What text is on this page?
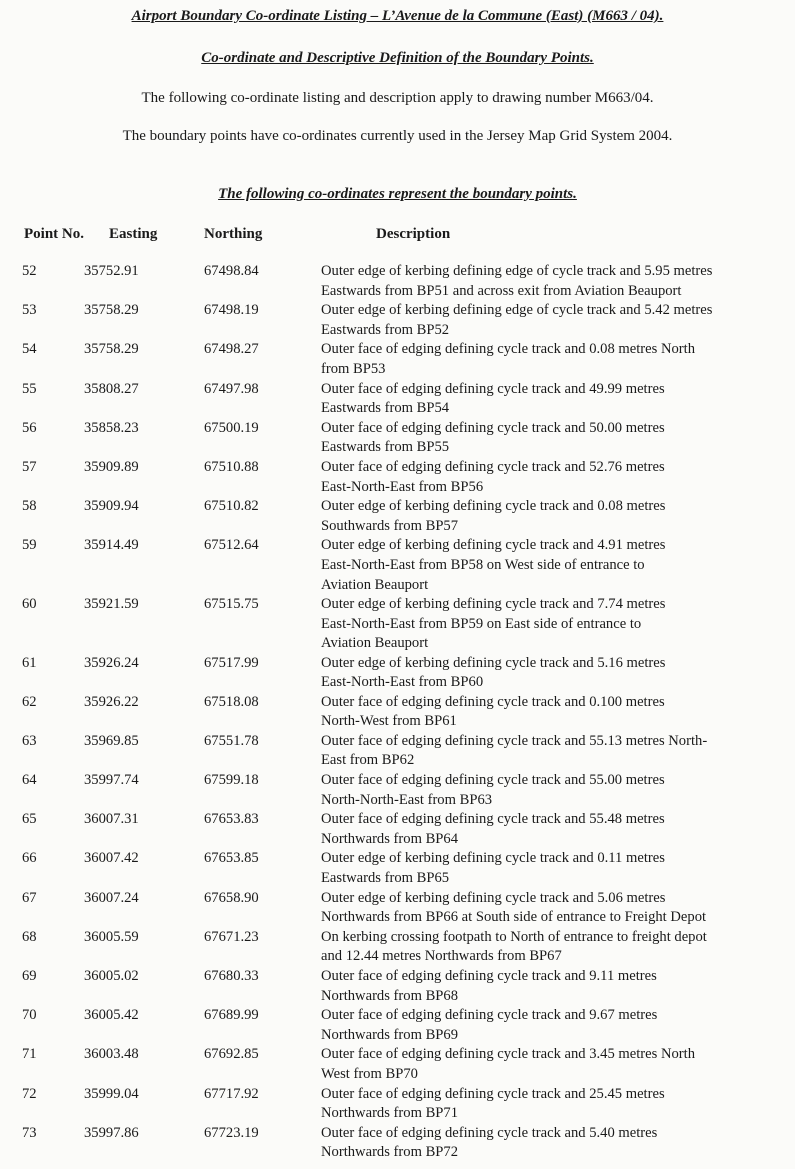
Airport Boundary Co-ordinate Listing – L’Avenue de la Commune (East) (M663 / 04).
Co-ordinate and Descriptive Definition of the Boundary Points.
The following co-ordinate listing and description apply to drawing number M663/04.
The boundary points have co-ordinates currently used in the Jersey Map Grid System 2004.
The following co-ordinates represent the boundary points.
Point No. Easting	Northing	Description
52	35752.91	67498.84	Outer edge of kerbing defining edge of cycle track and 5.95 metres
Eastwards from BP51 and across exit from Aviation Beauport
53	35758.29	67498.19	Outer edge of kerbing defining edge of cycle track and 5.42 metres
Eastwards from BP52
54	35758.29	67498.27	Outer face of edging defining cycle track and 0.08 metres North
from BP53
55	35808.27	67497.98	Outer face of edging defining cycle track and 49.99 metres
Eastwards from BP54
56	35858.23	67500.19	Outer face of edging defining cycle track and 50.00 metres
Eastwards from BP55
57	35909.89	67510.88	Outer face of edging defining cycle track and 52.76 metres
East-North-East from BP56
58	35909.94	67510.82	Outer edge of kerbing defining cycle track and 0.08 metres
Southwards from BP57
59	35914.49	67512.64	Outer edge of kerbing defining cycle track and 4.91 metres
East-North-East from BP58 on West side of entrance to
Aviation Beauport
60	35921.59	67515.75	Outer edge of kerbing defining cycle track and 7.74 metres
East-North-East from BP59 on East side of entrance to
Aviation Beauport
61	35926.24	67517.99	Outer edge of kerbing defining cycle track and 5.16 metres
East-North-East from BP60
62	35926.22	67518.08	Outer face of edging defining cycle track and 0.100 metres
North-West from BP61
63	35969.85	67551.78	Outer face of edging defining cycle track and 55.13 metres North-
East from BP62
64	35997.74	67599.18	Outer face of edging defining cycle track and 55.00 metres
North-North-East from BP63
65	36007.31	67653.83	Outer face of edging defining cycle track and 55.48 metres
Northwards from BP64
66	36007.42	67653.85	Outer edge of kerbing defining cycle track and 0.11 metres
Eastwards from BP65
67	36007.24	67658.90	Outer edge of kerbing defining cycle track and 5.06 metres
Northwards from BP66 at South side of entrance to Freight Depot
68	36005.59	67671.23	On kerbing crossing footpath to North of entrance to freight depot
and 12.44 metres Northwards from BP67
69	36005.02	67680.33	Outer face of edging defining cycle track and 9.11 metres
Northwards from BP68
70	36005.42	67689.99	Outer face of edging defining cycle track and 9.67 metres
Northwards from BP69
71	36003.48	67692.85	Outer face of edging defining cycle track and 3.45 metres North
West from BP70
72	35999.04	67717.92	Outer face of edging defining cycle track and 25.45 metres
Northwards from BP71
73	35997.86	67723.19	Outer face of edging defining cycle track and 5.40 metres
Northwards from BP72
